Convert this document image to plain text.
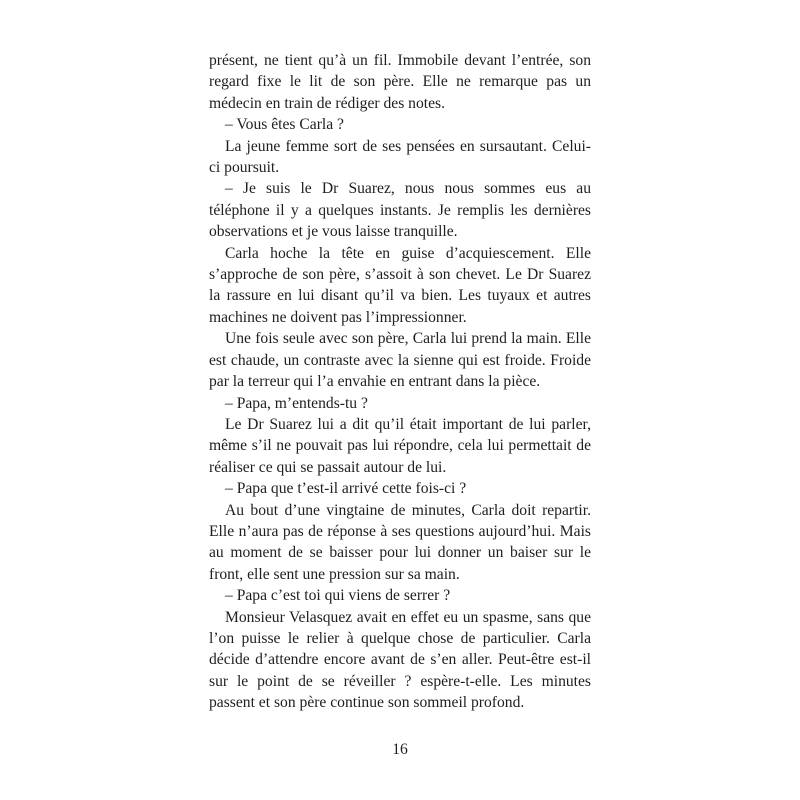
présent, ne tient qu’à un fil. Immobile devant l’entrée, son regard fixe le lit de son père. Elle ne remarque pas un médecin en train de rédiger des notes.

– Vous êtes Carla ?

La jeune femme sort de ses pensées en sursautant. Celui-ci poursuit.

– Je suis le Dr Suarez, nous nous sommes eus au téléphone il y a quelques instants. Je remplis les dernières observations et je vous laisse tranquille.

Carla hoche la tête en guise d’acquiescement. Elle s’approche de son père, s’assoit à son chevet. Le Dr Suarez la rassure en lui disant qu’il va bien. Les tuyaux et autres machines ne doivent pas l’impressionner.

Une fois seule avec son père, Carla lui prend la main. Elle est chaude, un contraste avec la sienne qui est froide. Froide par la terreur qui l’a envahie en entrant dans la pièce.

– Papa, m’entends-tu ?

Le Dr Suarez lui a dit qu’il était important de lui parler, même s’il ne pouvait pas lui répondre, cela lui permettait de réaliser ce qui se passait autour de lui.

– Papa que t’est-il arrivé cette fois-ci ?

Au bout d’une vingtaine de minutes, Carla doit repartir. Elle n’aura pas de réponse à ses questions aujourd’hui. Mais au moment de se baisser pour lui donner un baiser sur le front, elle sent une pression sur sa main.

– Papa c’est toi qui viens de serrer ?

Monsieur Velasquez avait en effet eu un spasme, sans que l’on puisse le relier à quelque chose de particulier. Carla décide d’attendre encore avant de s’en aller. Peut-être est-il sur le point de se réveiller ? espère-t-elle. Les minutes passent et son père continue son sommeil profond.

16
